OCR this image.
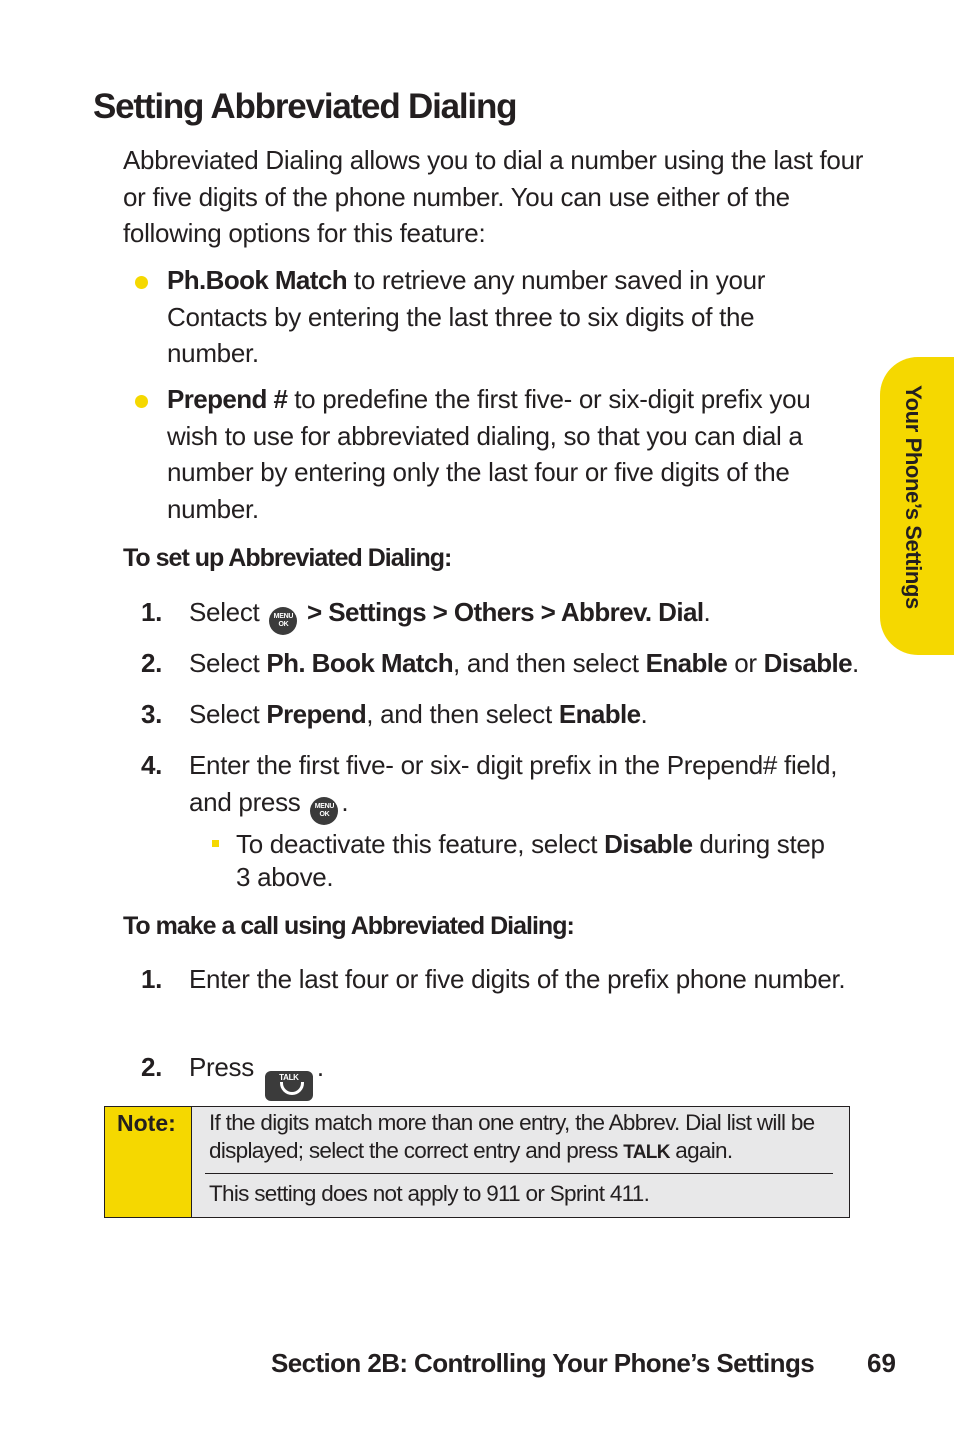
Setting Abbreviated Dialing

Abbreviated Dialing allows you to dial a number using the last four or five digits of the phone number. You can use either of the following options for this feature:

Ph.Book Match to retrieve any number saved in your Contacts by entering the last three to six digits of the number.
Prepend # to predefine the first five- or six-digit prefix you wish to use for abbreviated dialing, so that you can dial a number by entering only the last four or five digits of the number.
To set up Abbreviated Dialing:
1. Select MENU
OK > Settings > Others > Abbrev. Dial.
2. Select Ph. Book Match, and then select Enable or Disable.
3. Select Prepend, and then select Enable.
4. Enter the first five- or six- digit prefix in the Prepend# field, and press MENU
OK .
To deactivate this feature, select Disable during step 3 above.
To make a call using Abbreviated Dialing:
1. Enter the last four or five digits of the prefix phone number.
2. Press TALK .
Note: If the digits match more than one entry, the Abbrev. Dial list will be displayed; select the correct entry and press TALK again.
This setting does not apply to 911 or Sprint 411.
Your Phone’s Settings
Section 2B: Controlling Your Phone’s Settings 69
